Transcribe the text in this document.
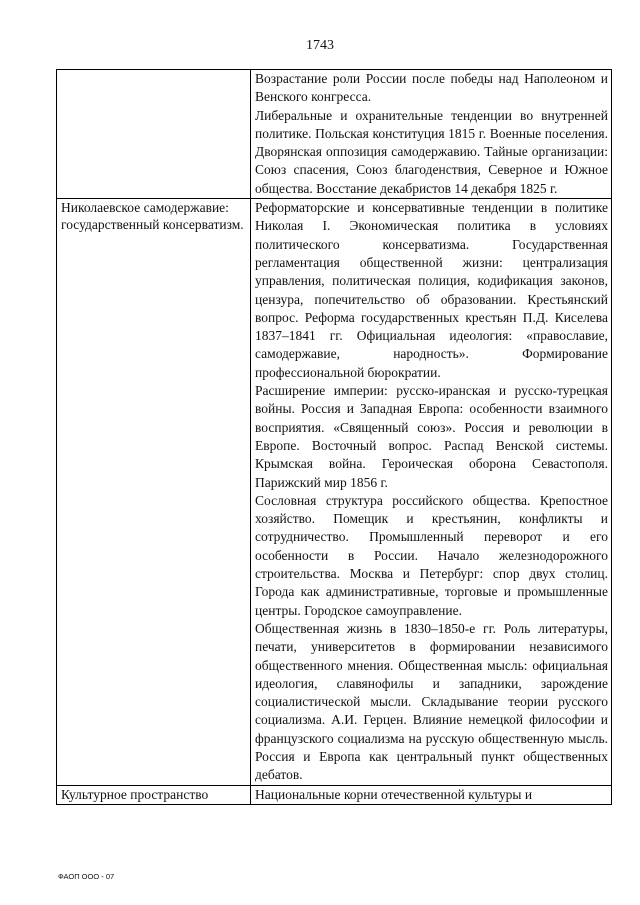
1743

	Возрастание роли России после победы над Наполеоном и Венского конгресса.
Либеральные и охранительные тенденции во внутренней политике. Польская конституция 1815 г. Военные поселения. Дворянская оппозиция самодержавию. Тайные организации: Союз спасения, Союз благоденствия, Северное и Южное общества. Восстание декабристов 14 декабря 1825 г.

Николаевское самодержавие: государственный консерватизм.	Реформаторские и консервативные тенденции в политике Николая I. Экономическая политика в условиях политического консерватизма. Государственная регламентация общественной жизни: централизация управления, политическая полиция, кодификация законов, цензура, попечительство об образовании. Крестьянский вопрос. Реформа государственных крестьян П.Д. Киселева 1837–1841 гг. Официальная идеология: «православие, самодержавие, народность». Формирование профессиональной бюрократии.
Расширение империи: русско-иранская и русско-турецкая войны. Россия и Западная Европа: особенности взаимного восприятия. «Священный союз». Россия и революции в Европе. Восточный вопрос. Распад Венской системы. Крымская война. Героическая оборона Севастополя. Парижский мир 1856 г.
Сословная структура российского общества. Крепостное хозяйство. Помещик и крестьянин, конфликты и сотрудничество. Промышленный переворот и его особенности в России. Начало железнодорожного строительства. Москва и Петербург: спор двух столиц. Города как административные, торговые и промышленные центры. Городское самоуправление.
Общественная жизнь в 1830–1850-е гг. Роль литературы, печати, университетов в формировании независимого общественного мнения. Общественная мысль: официальная идеология, славянофилы и западники, зарождение социалистической мысли. Складывание теории русского социализма. А.И. Герцен. Влияние немецкой философии и французского социализма на русскую общественную мысль. Россия и Европа как центральный пункт общественных дебатов.

Культурное пространство	Национальные корни отечественной культуры и
ФАОП ООО - 07
